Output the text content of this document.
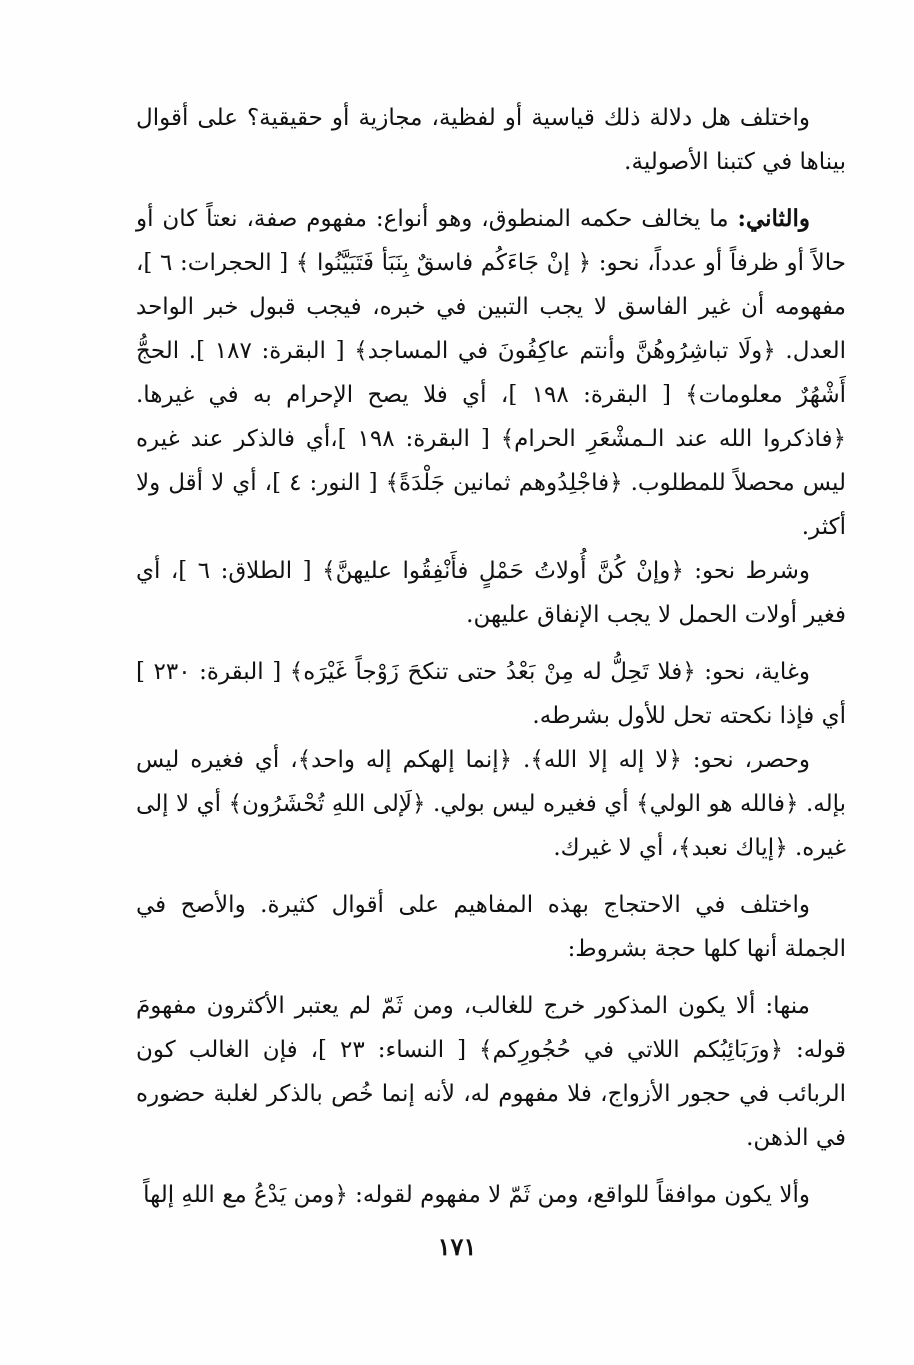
واختلف هل دلالة ذلك قياسية أو لفظية، مجازية أو حقيقية؟ على أقوال بيناها في كتبنا الأصولية.

والثاني: ما يخالف حكمه المنطوق، وهو أنواع: مفهوم صفة، نعتاً كان أو حالاً أو ظرفاً أو عدداً، نحو: ﴿ إنْ جَاءَكُم فاسقٌ بِنَبَأ فَتَبَيَّنُوا ﴾ [ الحجرات: ٦ ]، مفهومه أن غير الفاسق لا يجب التبين في خبره، فيجب قبول خبر الواحد العدل. ﴿ولَا تباشِرُوهُنَّ وأنتم عاكِفُونَ في المساجد﴾ [ البقرة: ١٨٧ ]. الحجُّ أَشْهُرٌ معلومات﴾ [ البقرة: ١٩٨ ]، أي فلا يصح الإحرام به في غيرها. ﴿فاذكروا الله عند الـمشْعَرِ الحرام﴾ [ البقرة: ١٩٨ ]،أي فالذكر عند غيره ليس محصلاً للمطلوب. ﴿فاجْلِدُوهم ثمانين جَلْدَةً﴾ [ النور: ٤ ]، أي لا أقل ولا أكثر.

وشرط نحو: ﴿وإنْ كُنَّ أُولاتُ حَمْلٍ فأَنْفِقُوا عليهنَّ﴾ [ الطلاق: ٦ ]، أي فغير أولات الحمل لا يجب الإنفاق عليهن.

وغاية، نحو: ﴿فلا تَحِلُّ له مِنْ بَعْدُ حتى تنكحَ زَوْجاً غَيْرَه﴾ [ البقرة: ٢٣٠ ] أي فإذا نكحته تحل للأول بشرطه.

وحصر، نحو: ﴿لا إله إلا الله﴾. ﴿إنما إلهكم إله واحد﴾، أي فغيره ليس بإله. ﴿فالله هو الولي﴾ أي فغيره ليس بولي. ﴿لَإلى اللهِ تُحْشَرُون﴾ أي لا إلى غيره. ﴿إياك نعبد﴾، أي لا غيرك.

واختلف في الاحتجاج بهذه المفاهيم على أقوال كثيرة. والأصح في الجملة أنها كلها حجة بشروط:

منها: ألا يكون المذكور خرج للغالب، ومن ثَمّ لم يعتبر الأكثرون مفهومَ قوله: ﴿ورَبَائِبُكم اللاتي في حُجُورِكم﴾ [ النساء: ٢٣ ]، فإن الغالب كون الربائب في حجور الأزواج، فلا مفهوم له، لأنه إنما خُص بالذكر لغلبة حضوره في الذهن.

وألا يكون موافقاً للواقع، ومن ثَمّ لا مفهوم لقوله: ﴿ومن يَدْعُ مع اللهِ إلهاً

١٧١
